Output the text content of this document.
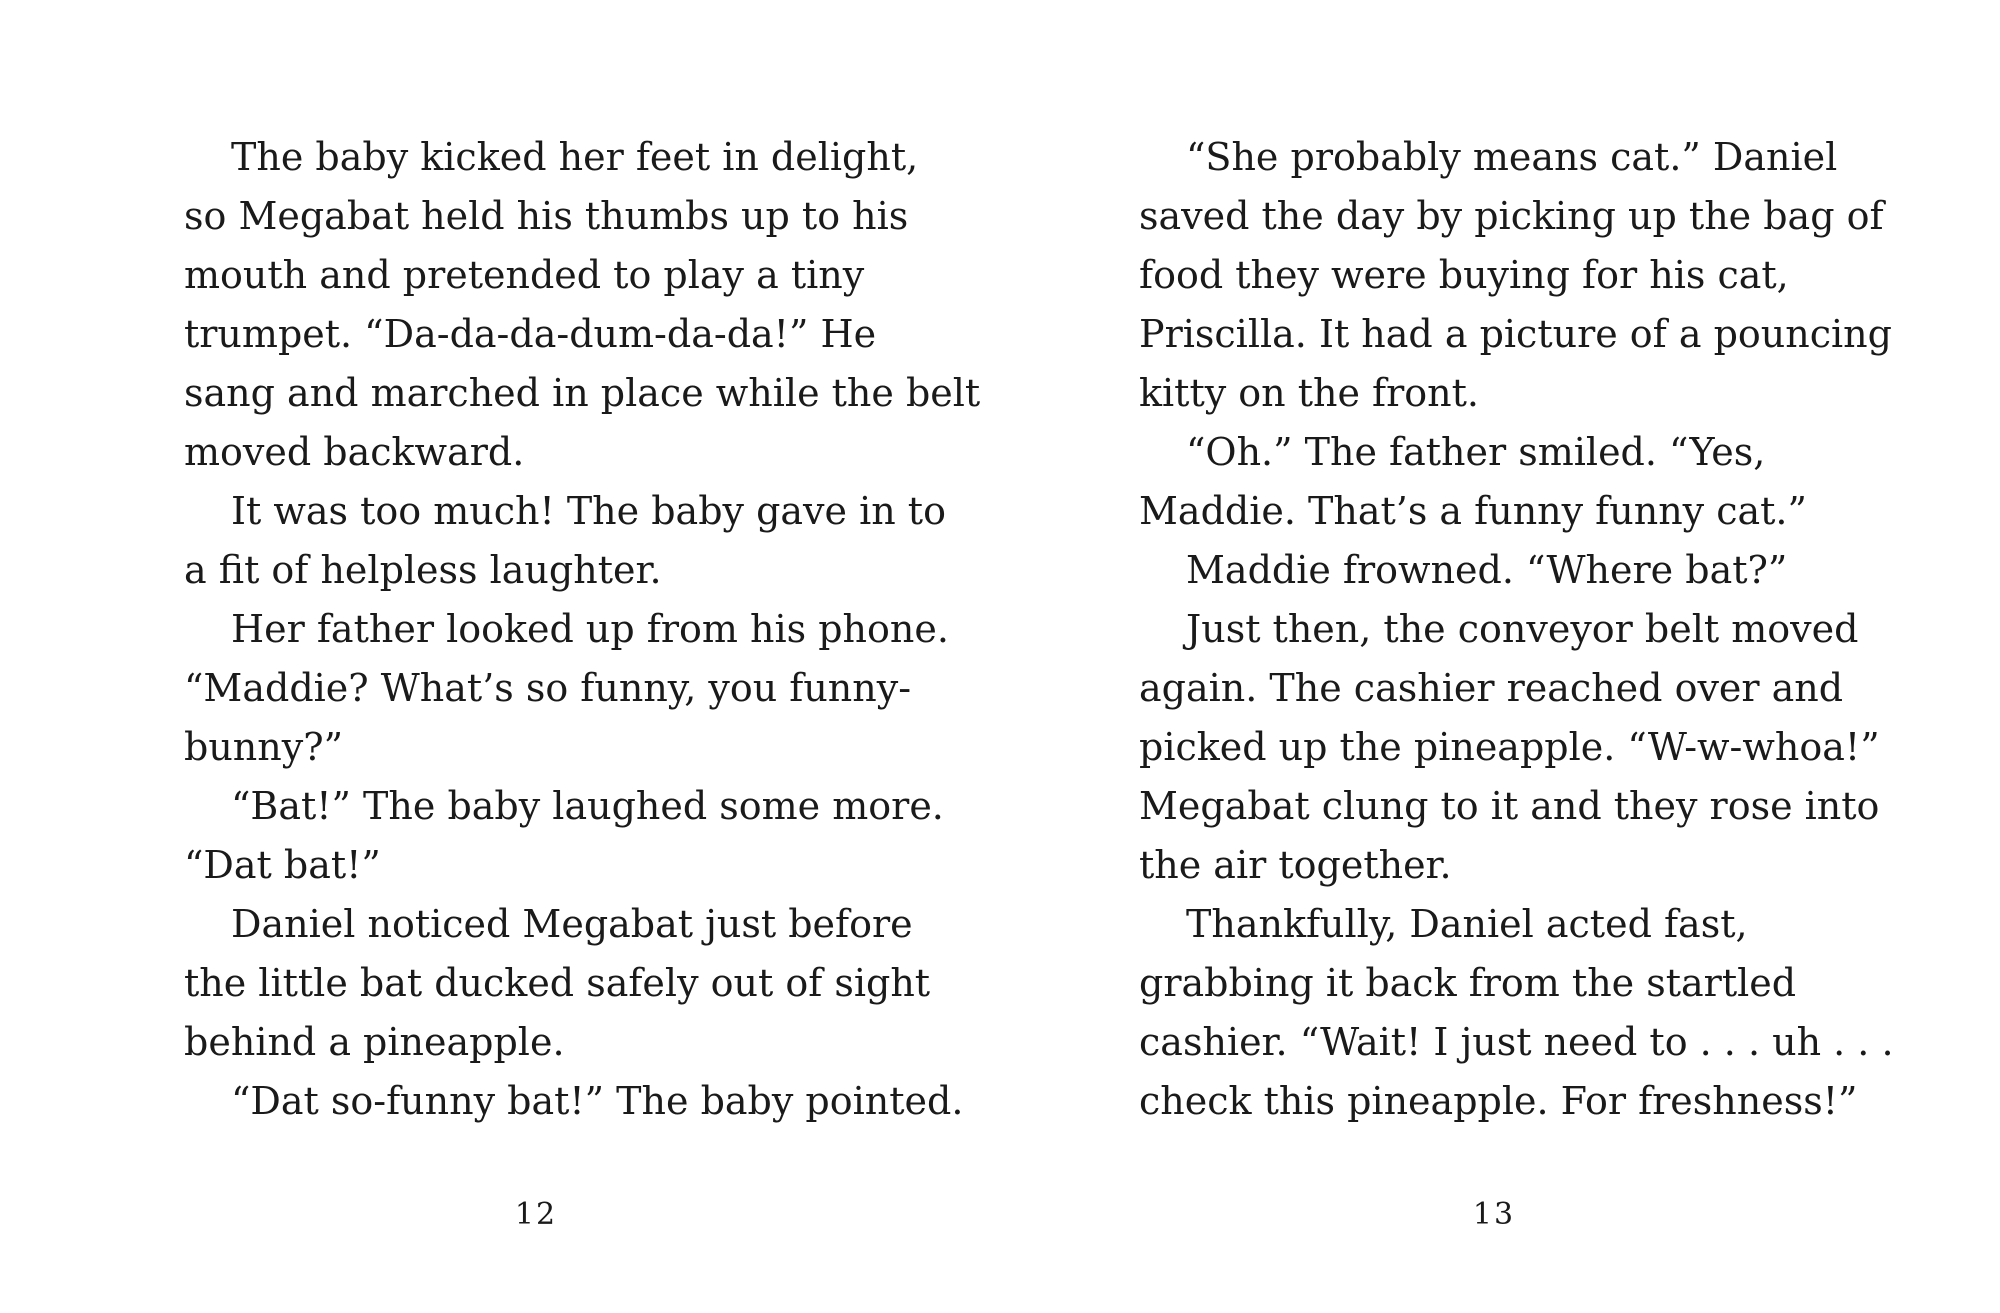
The baby kicked her feet in delight,
so Megabat held his thumbs up to his
mouth and pretended to play a tiny
trumpet. “Da-da-da-dum-da-da!” He
sang and marched in place while the belt
moved backward.
It was too much! The baby gave in to
a fit of helpless laughter.
Her father looked up from his phone.
“Maddie? What’s so funny, you funny-
bunny?”
“Bat!” The baby laughed some more.
“Dat bat!”
Daniel noticed Megabat just before
the little bat ducked safely out of sight
behind a pineapple.
“Dat so-funny bat!” The baby pointed.
12
“She probably means cat.” Daniel
saved the day by picking up the bag of
food they were buying for his cat,
Priscilla. It had a picture of a pouncing
kitty on the front.
“Oh.” The father smiled. “Yes,
Maddie. That’s a funny funny cat.”
Maddie frowned. “Where bat?”
Just then, the conveyor belt moved
again. The cashier reached over and
picked up the pineapple. “W-w-whoa!”
Megabat clung to it and they rose into
the air together.
Thankfully, Daniel acted fast,
grabbing it back from the startled
cashier. “Wait! I just need to . . . uh . . .
check this pineapple. For freshness!”
13
